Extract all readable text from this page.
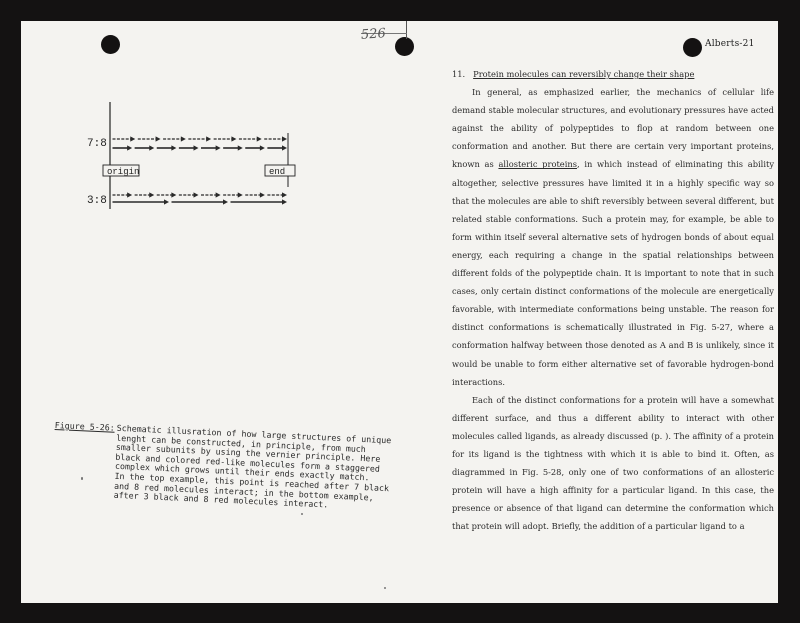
526
Alberts-21
7:8
3:8
origin	end
Figure 5-26: Schematic illusration of how large structures of unique
lenght can be constructed, in principle, from much
smaller subunits by using the vernier principle. Here
black and colored red-like molecules form a staggered
complex which grows until their ends exactly match.
In the top example, this point is reached after 7 black
and 8 red molecules interact; in the bottom example,
after 3 black and 8 red molecules interact.

11. Protein molecules can reversibly change their shape

In general, as emphasized earlier, the mechanics of cellular life demand stable molecular structures, and evolutionary pressures have acted against the ability of polypeptides to flop at random between one conformation and another. But there are certain very important proteins, known as allosteric proteins, in which instead of eliminating this ability altogether, selective pressures have limited it in a highly specific way so that the molecules are able to shift reversibly between several different, but related stable conformations. Such a protein may, for example, be able to form within itself several alternative sets of hydrogen bonds of about equal energy, each requiring a change in the spatial relationships between different folds of the polypeptide chain. It is important to note that in such cases, only certain distinct conformations of the molecule are energetically favorable, with intermediate conformations being unstable. The reason for distinct conformations is schematically illustrated in Fig. 5-27, where a conformation halfway between those denoted as A and B is unlikely, since it would be unable to form either alternative set of favorable hydrogen-bond interactions.

Each of the distinct conformations for a protein will have a somewhat different surface, and thus a different ability to interact with other molecules called ligands, as already discussed (p. ). The affinity of a protein for its ligand is the tightness with which it is able to bind it. Often, as diagrammed in Fig. 5-28, only one of two conformations of an allosteric protein will have a high affinity for a particular ligand. In this case, the presence or absence of that ligand can determine the conformation which that protein will adopt. Briefly, the addition of a particular ligand to a
